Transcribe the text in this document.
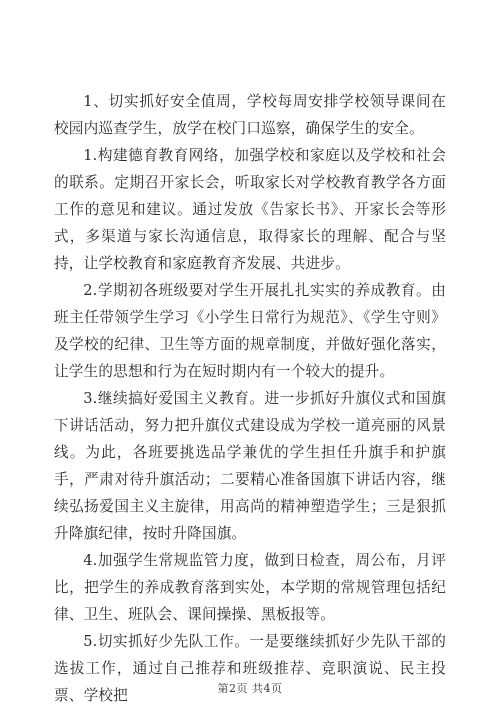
1、切实抓好安全值周，学校每周安排学校领导课间在校园内巡查学生，放学在校门口巡察，确保学生的安全。

1.构建德育教育网络，加强学校和家庭以及学校和社会的联系。定期召开家长会，听取家长对学校教育教学各方面工作的意见和建议。通过发放《告家长书》、开家长会等形式，多渠道与家长沟通信息，取得家长的理解、配合与坚持，让学校教育和家庭教育齐发展、共进步。

2.学期初各班级要对学生开展扎扎实实的养成教育。由班主任带领学生学习《小学生日常行为规范》、《学生守则》及学校的纪律、卫生等方面的规章制度，并做好强化落实，让学生的思想和行为在短时期内有一个较大的提升。

3.继续搞好爱国主义教育。进一步抓好升旗仪式和国旗下讲话活动，努力把升旗仪式建设成为学校一道亮丽的风景线。为此，各班要挑选品学兼优的学生担任升旗手和护旗手，严肃对待升旗活动；二要精心准备国旗下讲话内容，继续弘扬爱国主义主旋律，用高尚的精神塑造学生；三是狠抓升降旗纪律，按时升降国旗。

4.加强学生常规监管力度，做到日检查，周公布，月评比，把学生的养成教育落到实处，本学期的常规管理包括纪律、卫生、班队会、课间操操、黑板报等。

5.切实抓好少先队工作。一是要继续抓好少先队干部的选拔工作，通过自己推荐和班级推荐、竞职演说、民主投票、学校把	第2页 共4页
